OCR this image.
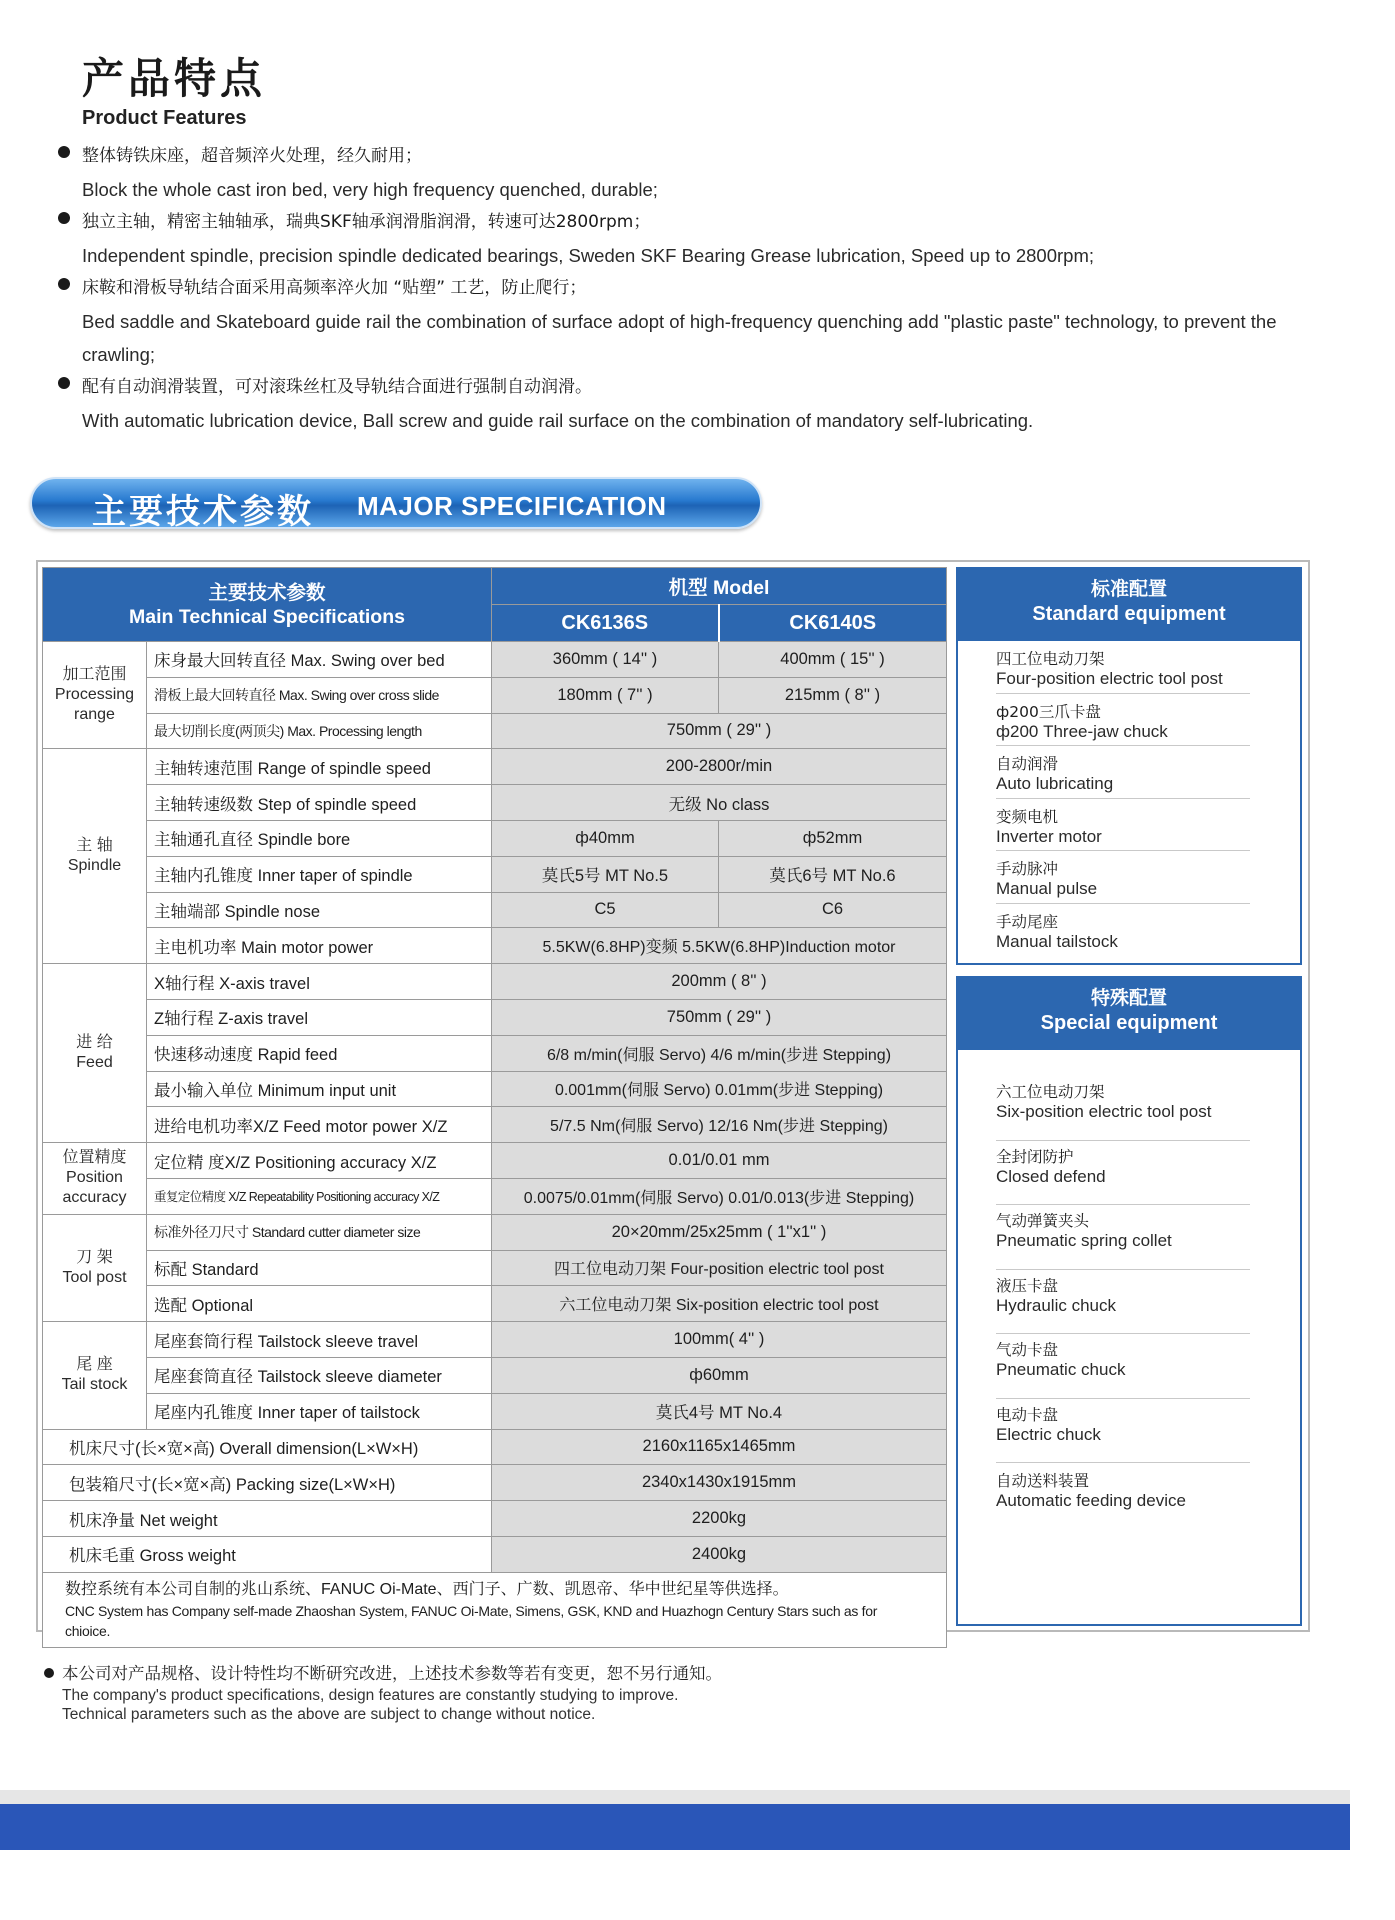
产品特点
Product Features
整体铸铁床座，超音频淬火处理，经久耐用；
Block the whole cast iron bed, very high frequency quenched, durable;
独立主轴，精密主轴轴承，瑞典SKF轴承润滑脂润滑，转速可达2800rpm；
Independent spindle, precision spindle dedicated bearings, Sweden SKF Bearing Grease lubrication, Speed up to 2800rpm;
床鞍和滑板导轨结合面采用高频率淬火加 “贴塑” 工艺，防止爬行；
Bed saddle and Skateboard guide rail the combination of surface adopt of high-frequency quenching add "plastic paste" technology, to prevent the crawling;
配有自动润滑装置，可对滚珠丝杠及导轨结合面进行强制自动润滑。
With automatic lubrication device, Ball screw and guide rail surface on the combination of mandatory self-lubricating.
主要技术参数 MAJOR SPECIFICATION
主要技术参数
Main Technical Specifications		机型 Model	
		CK6136S	CK6140S

加工范围
Processing range	床身最大回转直径 Max. Swing over bed	360mm ( 14'' )	400mm ( 15'' )
	滑板上最大回转直径 Max. Swing over cross slide	180mm ( 7'' )	215mm ( 8'' )
	最大切削长度(两顶尖) Max. Processing length	750mm ( 29'' )	

主 轴
Spindle	主轴转速范围 Range of spindle speed	200-2800r/min	
	主轴转速级数 Step of spindle speed	无级 No class	
	主轴通孔直径 Spindle bore	ф40mm	ф52mm
	主轴内孔锥度 Inner taper of spindle	莫氏5号 MT No.5	莫氏6号 MT No.6
	主轴端部 Spindle nose	C5	C6
	主电机功率 Main motor power	5.5KW(6.8HP)变频 5.5KW(6.8HP)Induction motor	

进 给
Feed	X轴行程 X-axis travel	200mm ( 8'' )	
	Z轴行程 Z-axis travel	750mm ( 29'' )	
	快速移动速度 Rapid feed	6/8 m/min(伺服 Servo) 4/6 m/min(步进 Stepping)	
	最小输入单位 Minimum input unit	0.001mm(伺服 Servo) 0.01mm(步进 Stepping)	
	进给电机功率X/Z Feed motor power X/Z	5/7.5 Nm(伺服 Servo) 12/16 Nm(步进 Stepping)	

位置精度
Position accuracy	定位精 度X/Z Positioning accuracy X/Z	0.01/0.01 mm	
	重复定位精度 X/Z Repeatability Positioning accuracy X/Z	0.0075/0.01mm(伺服 Servo) 0.01/0.013(步进 Stepping)	

刀 架
Tool post	标准外径刀尺寸 Standard cutter diameter size	20×20mm/25x25mm ( 1''x1'' )	
	标配 Standard	四工位电动刀架 Four-position electric tool post	
	选配 Optional	六工位电动刀架 Six-position electric tool post	

尾 座
Tail stock	尾座套筒行程 Tailstock sleeve travel	100mm( 4'' )	
	尾座套筒直径 Tailstock sleeve diameter	ф60mm	
	尾座内孔锥度 Inner taper of tailstock	莫氏4号 MT No.4	
机床尺寸(长×宽×高) Overall dimension(L×W×H)		2160x1165x1465mm	
包装箱尺寸(长×宽×高) Packing size(L×W×H)		2340x1430x1915mm	
机床净量 Net weight		2200kg	
机床毛重 Gross weight		2400kg	

数控系统有本公司自制的兆山系统、FANUC Oi-Mate、西门子、广数、凯恩帝、华中世纪星等供选择。
CNC System has Company self-made Zhaoshan System, FANUC Oi-Mate, Simens, GSK, KND and Huazhogn Century Stars such as for chioice.			
标准配置
Standard equipment
四工位电动刀架
Four-position electric tool post
ф200三爪卡盘
ф200 Three-jaw chuck
自动润滑
Auto lubricating
变频电机
Inverter motor
手动脉冲
Manual pulse
手动尾座
Manual tailstock
特殊配置
Special equipment
六工位电动刀架
Six-position electric tool post
全封闭防护
Closed defend
气动弹簧夹头
Pneumatic spring collet
液压卡盘
Hydraulic chuck
气动卡盘
Pneumatic chuck
电动卡盘
Electric chuck
自动送料装置
Automatic feeding device
本公司对产品规格、设计特性均不断研究改进，上述技术参数等若有变更，恕不另行通知。
The company's product specifications, design features are constantly studying to improve.
Technical parameters such as the above are subject to change without notice.
